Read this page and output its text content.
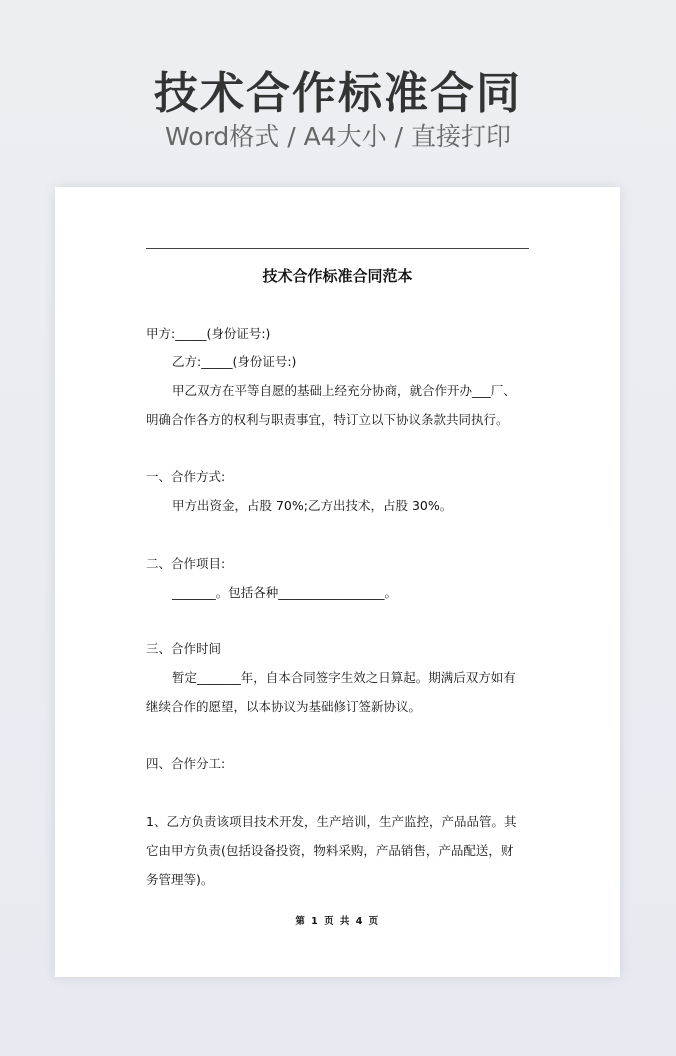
技术合作标准合同
Word格式 / A4大小 / 直接打印
技术合作标准合同范本
甲方:_____(身份证号:)
乙方:_____(身份证号:)
甲乙双方在平等自愿的基础上经充分协商，就合作开办___厂、
明确合作各方的权利与职责事宜，特订立以下协议条款共同执行。
一、合作方式:
甲方出资金，占股 70%;乙方出技术，占股 30%。
二、合作项目:
_______。包括各种_________________。
三、合作时间
暂定_______年，自本合同签字生效之日算起。期满后双方如有
继续合作的愿望，以本协议为基础修订签新协议。
四、合作分工:
1、乙方负责该项目技术开发，生产培训，生产监控，产品品管。其
它由甲方负责(包括设备投资，物料采购，产品销售，产品配送，财
务管理等)。
第 1 页 共 4 页
